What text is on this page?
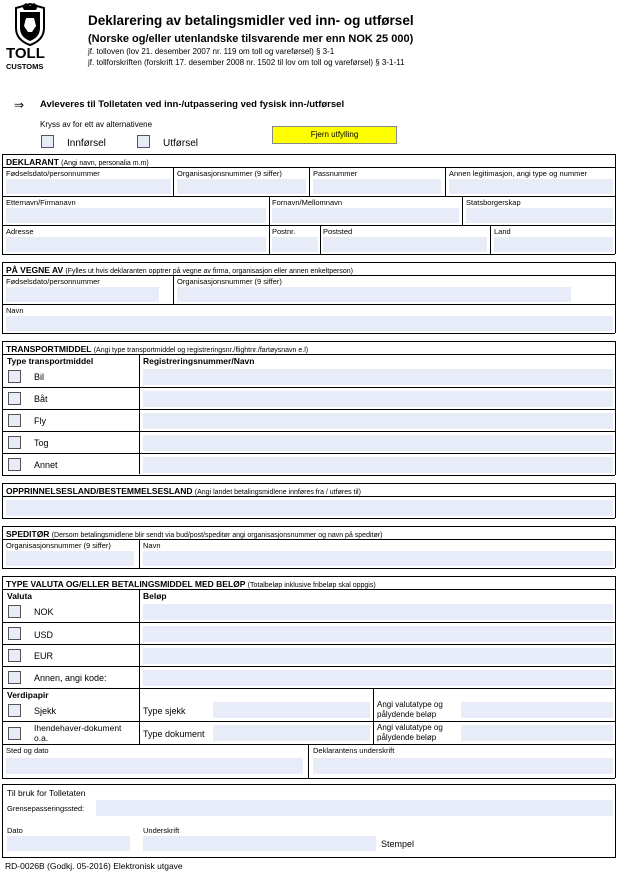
TOLL
CUSTOMS
Deklarering av betalingsmidler ved inn- og utførsel
(Norske og/eller utenlandske tilsvarende mer enn NOK 25 000)
jf. tolloven (lov 21. desember 2007 nr. 119 om toll og vareførsel) § 3-1
jf. tollforskriften (forskrift 17. desember 2008 nr. 1502 til lov om toll og vareførsel) § 3-1-11
⇒ Avleveres til Tolletaten ved inn-/utpassering ved fysisk inn-/utførsel
Kryss av for ett av alternativene
Innførsel	Utførsel
Fjern utfylling
DEKLARANT (Angi navn, personalia m.m)
Fødselsdato/personnummer	Organisasjonsnummer (9 siffer)	Passnummer	Annen legitimasjon, angi type og nummer
Etternavn/Firmanavn	Fornavn/Mellomnavn	Statsborgerskap
Adresse	Postnr.	Poststed	Land
PÅ VEGNE AV (Fylles ut hvis deklaranten opptrer på vegne av firma, organisasjon eller annen enkeltperson)
Fødselsdato/personnummer	Organisasjonsnummer (9 siffer)
Navn
TRANSPORTMIDDEL (Angi type transportmiddel og registreringsnr./flightnr./fartøysnavn e.l)
Type transportmiddel	Registreringsnummer/Navn
Bil
Båt
Fly
Tog
Annet
OPPRINNELSESLAND/BESTEMMELSESLAND (Angi landet betalingsmidlene innføres fra / utføres til)
SPEDITØR (Dersom betalingsmidlene blir sendt via bud/post/speditør angi organisasjonsnummer og navn på speditør)
Organisasjonsnummer (9 siffer)	Navn
TYPE VALUTA OG/ELLER BETALINGSMIDDEL MED BELØP (Totalbeløp inklusive fribeløp skal oppgis)
Valuta	Beløp
NOK
USD
EUR
Annen, angi kode:
Verdipapir
Sjekk	Type sjekk
Angi valutatype og pålydende beløp
Ihendehaver-dokument o.a.	Type dokument
Angi valutatype og pålydende beløp
Sted og dato	Deklarantens underskrift
Til bruk for Tolletaten
Grensepasseringssted:
Dato	Underskrift
Stempel
RD-0026B (Godkj. 05-2016) Elektronisk utgave
